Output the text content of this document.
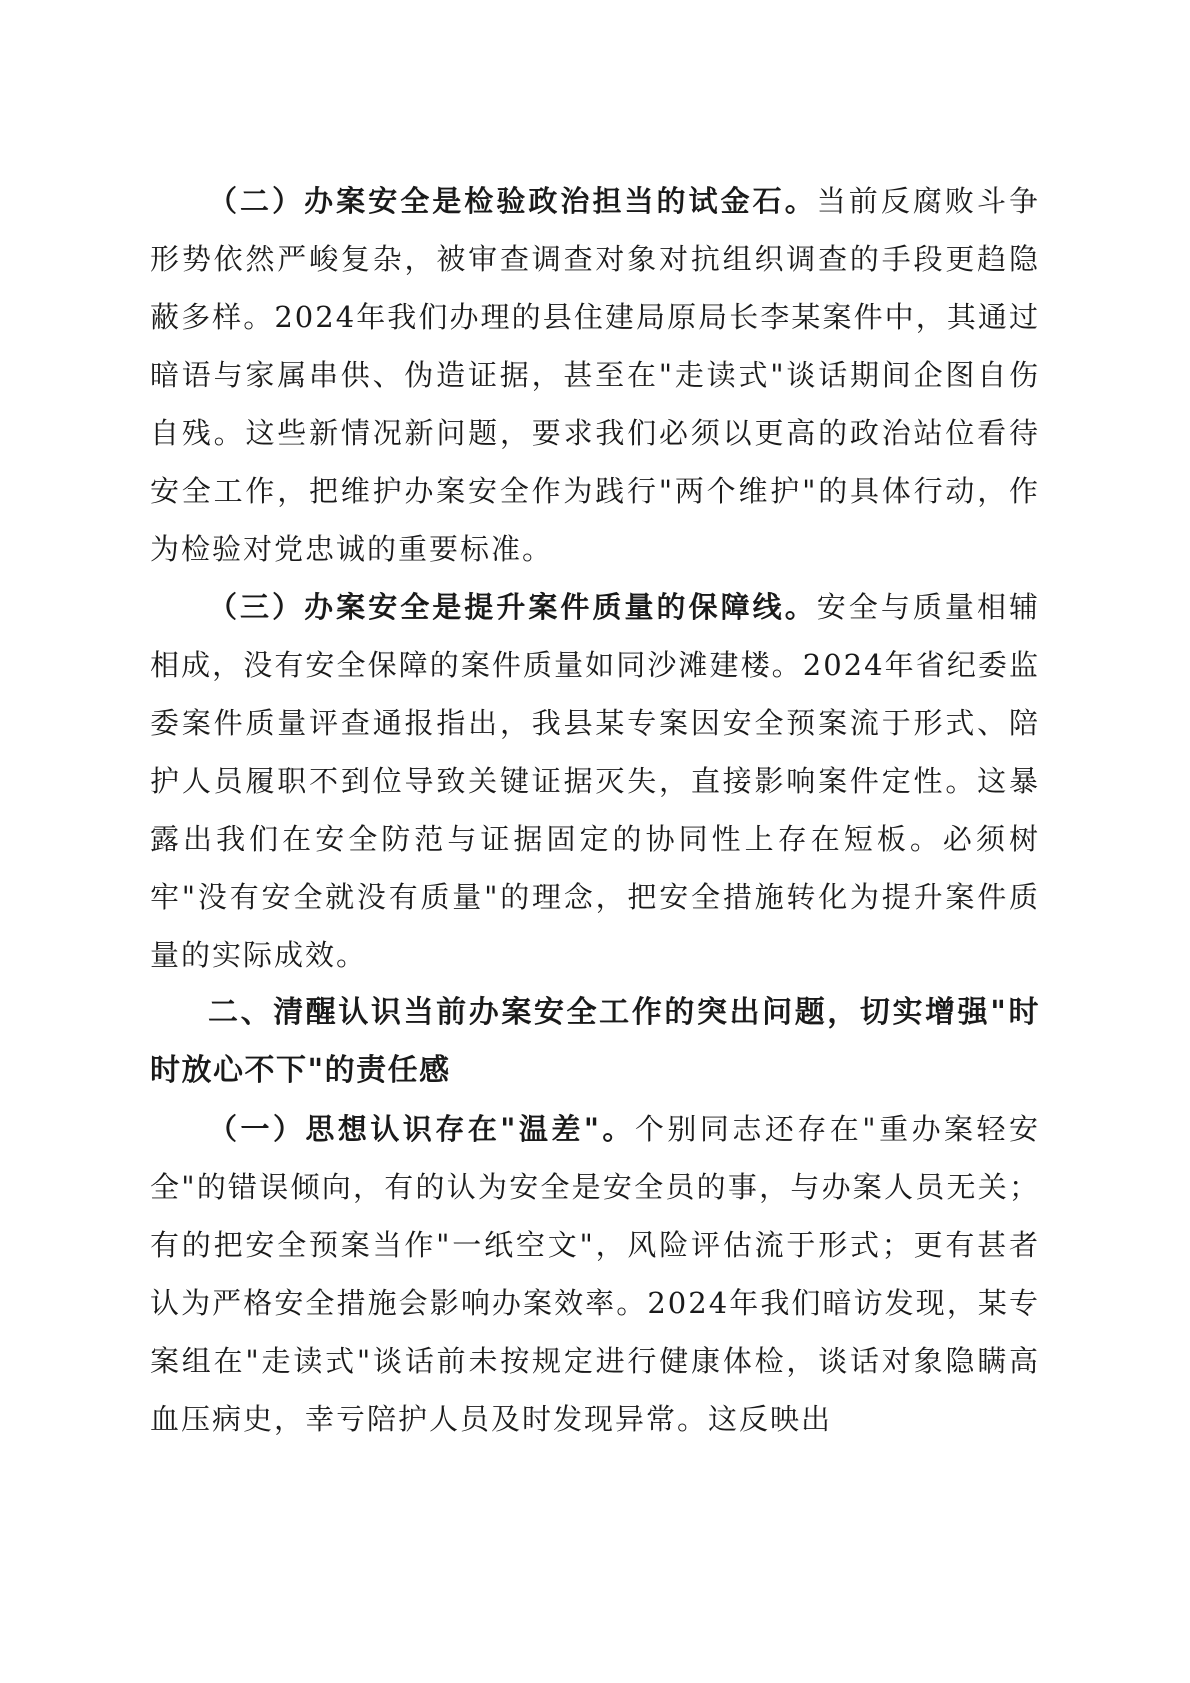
（二）办案安全是检验政治担当的试金石。当前反腐败斗争形势依然严峻复杂，被审查调查对象对抗组织调查的手段更趋隐蔽多样。2024年我们办理的县住建局原局长李某案件中，其通过暗语与家属串供、伪造证据，甚至在"走读式"谈话期间企图自伤自残。这些新情况新问题，要求我们必须以更高的政治站位看待安全工作，把维护办案安全作为践行"两个维护"的具体行动，作为检验对党忠诚的重要标准。

（三）办案安全是提升案件质量的保障线。安全与质量相辅相成，没有安全保障的案件质量如同沙滩建楼。2024年省纪委监委案件质量评查通报指出，我县某专案因安全预案流于形式、陪护人员履职不到位导致关键证据灭失，直接影响案件定性。这暴露出我们在安全防范与证据固定的协同性上存在短板。必须树牢"没有安全就没有质量"的理念，把安全措施转化为提升案件质量的实际成效。

二、清醒认识当前办案安全工作的突出问题，切实增强"时时放心不下"的责任感

（一）思想认识存在"温差"。个别同志还存在"重办案轻安全"的错误倾向，有的认为安全是安全员的事，与办案人员无关；有的把安全预案当作"一纸空文"，风险评估流于形式；更有甚者认为严格安全措施会影响办案效率。2024年我们暗访发现，某专案组在"走读式"谈话前未按规定进行健康体检，谈话对象隐瞒高血压病史，幸亏陪护人员及时发现异常。这反映出
